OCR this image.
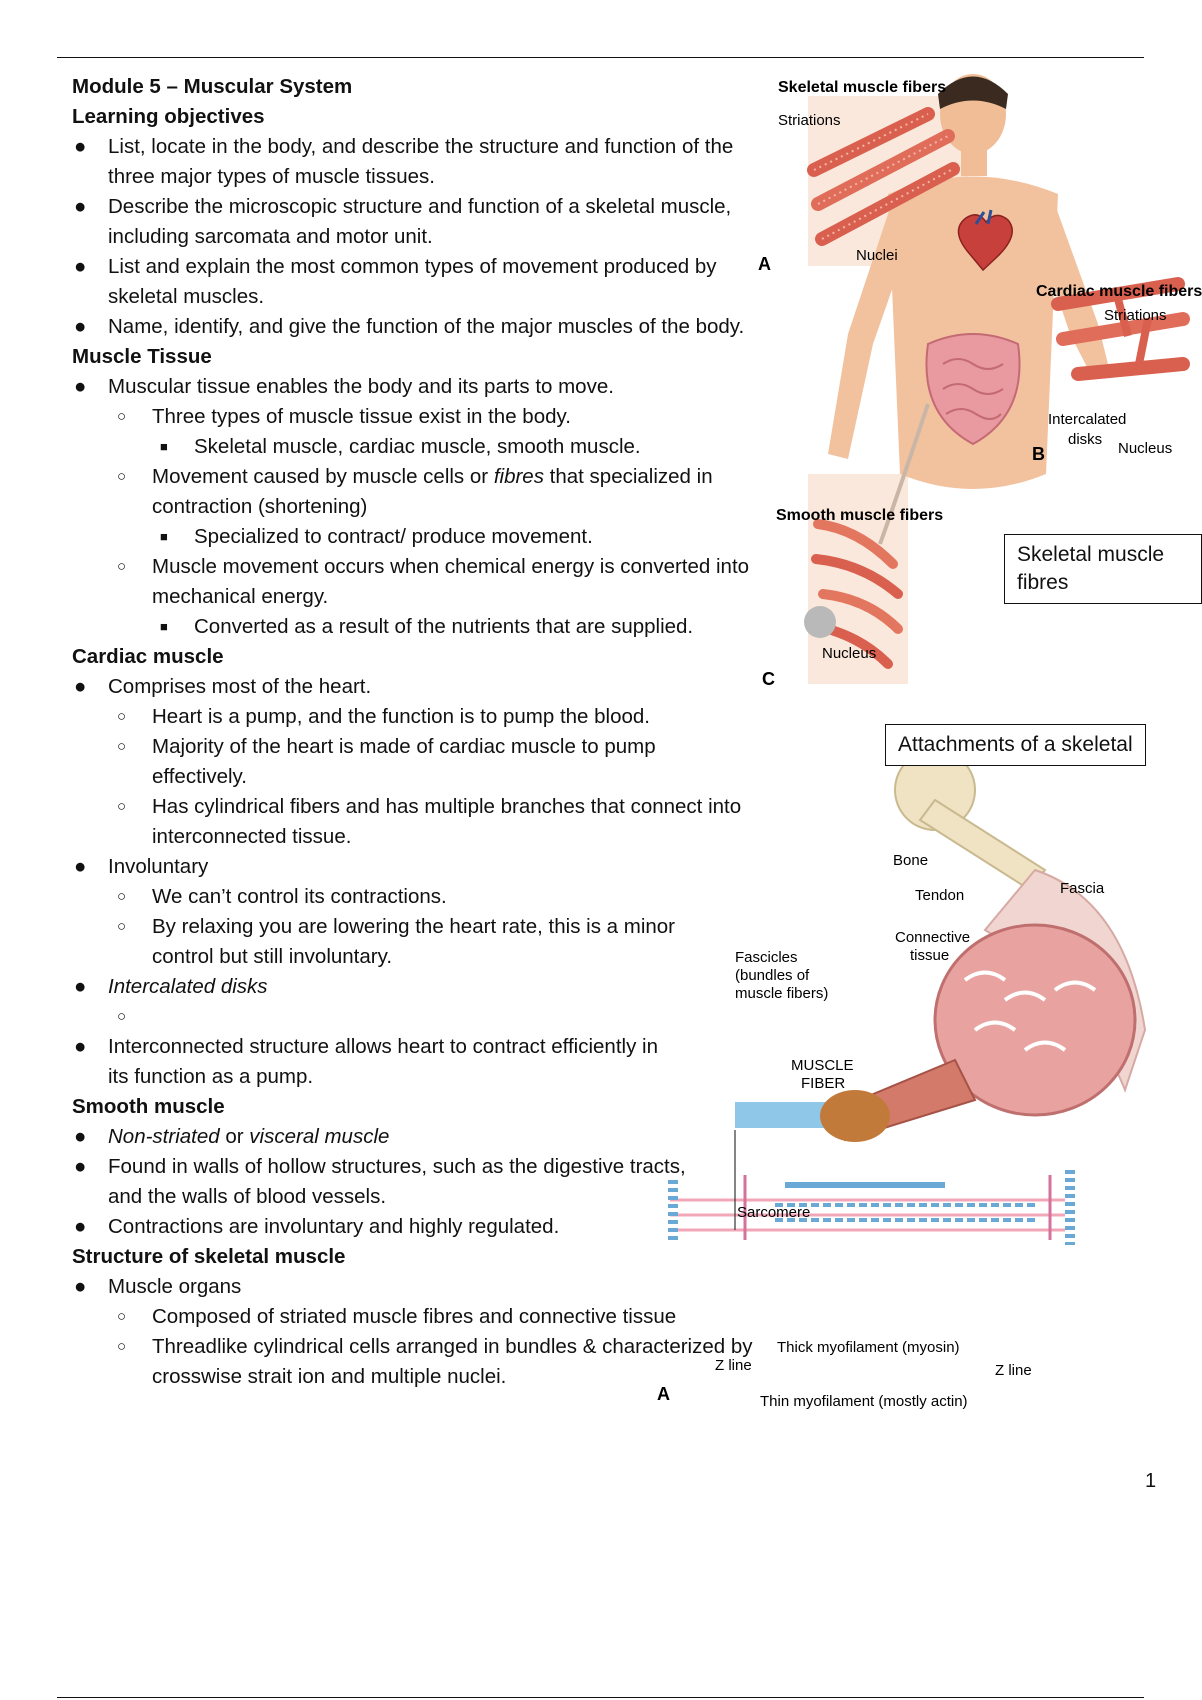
Module 5 – Muscular System
Learning objectives
● List, locate in the body, and describe the structure and function of the three major types of muscle tissues.
● Describe the microscopic structure and function of a skeletal muscle, including sarcomata and motor unit.
● List and explain the most common types of movement produced by skeletal muscles.
● Name, identify, and give the function of the major muscles of the body.
Muscle Tissue
● Muscular tissue enables the body and its parts to move.
○ Three types of muscle tissue exist in the body.
■ Skeletal muscle, cardiac muscle, smooth muscle.
○ Movement caused by muscle cells or fibres that specialized in contraction (shortening)
■ Specialized to contract/ produce movement.
○ Muscle movement occurs when chemical energy is converted into mechanical energy.
■ Converted as a result of the nutrients that are supplied.
Cardiac muscle
● Comprises most of the heart.
○ Heart is a pump, and the function is to pump the blood.
○ Majority of the heart is made of cardiac muscle to pump effectively.
○ Has cylindrical fibers and has multiple branches that connect into interconnected tissue.
● Involuntary
○ We can’t control its contractions.
○ By relaxing you are lowering the heart rate, this is a minor control but still involuntary.
● Intercalated disks
○
● Interconnected structure allows heart to contract efficiently in its function as a pump.
Smooth muscle
● Non-striated or visceral muscle
● Found in walls of hollow structures, such as the digestive tracts, and the walls of blood vessels.
● Contractions are involuntary and highly regulated.
Structure of skeletal muscle
● Muscle organs
○ Composed of striated muscle fibres and connective tissue
○ Threadlike cylindrical cells arranged in bundles & characterized by crosswise strait ion and multiple nuclei.
Skeletal muscle fibers
Striations
Nuclei
A
Cardiac muscle fibers
Striations
Intercalated
disks
Nucleus
B
Smooth muscle fibers
Nucleus
C
Skeletal muscle fibres
Bone
Tendon	Fascia
Connective
tissue
Fascicles
(bundles of
muscle fibers)
MUSCLE
FIBER
Sarcomere
Thick myofilament (myosin)
Z line	Z line
Thin myofilament (mostly actin)
A
Attachments of a skeletal
1
